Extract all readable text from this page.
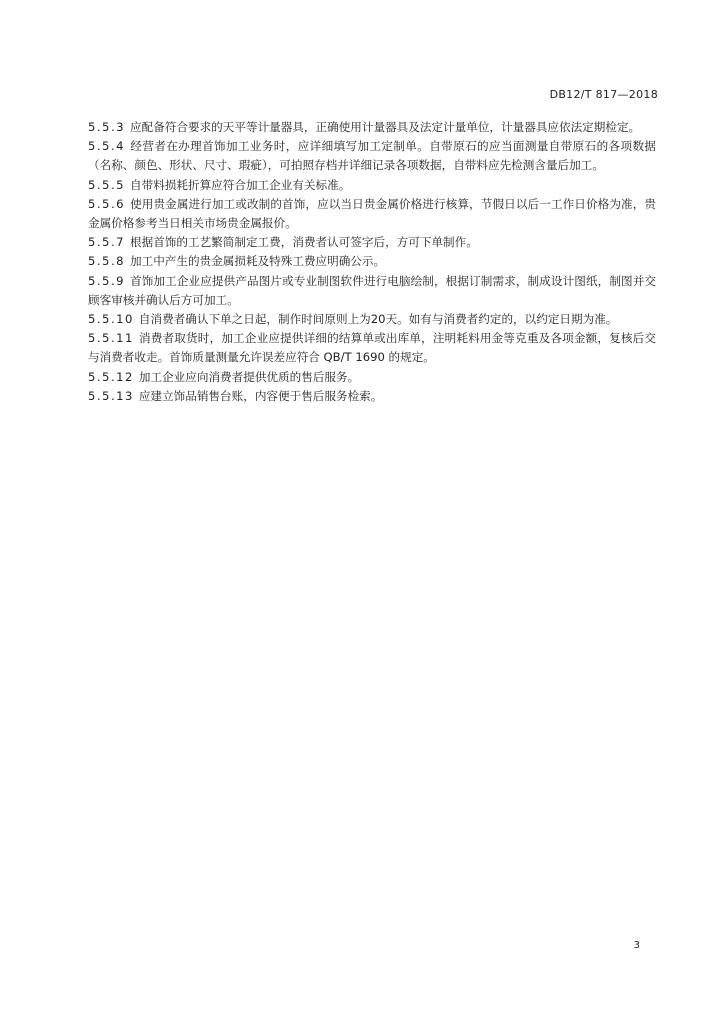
DB12/T 817—2018

5.5.3 应配备符合要求的天平等计量器具，正确使用计量器具及法定计量单位，计量器具应依法定期检定。

5.5.4 经营者在办理首饰加工业务时，应详细填写加工定制单。自带原石的应当面测量自带原石的各项数据（名称、颜色、形状、尺寸、瑕疵），可拍照存档并详细记录各项数据，自带料应先检测含量后加工。

5.5.5 自带料损耗折算应符合加工企业有关标准。

5.5.6 使用贵金属进行加工或改制的首饰，应以当日贵金属价格进行核算，节假日以后一工作日价格为准，贵金属价格参考当日相关市场贵金属报价。

5.5.7 根据首饰的工艺繁简制定工费，消费者认可签字后，方可下单制作。

5.5.8 加工中产生的贵金属损耗及特殊工费应明确公示。

5.5.9 首饰加工企业应提供产品图片或专业制图软件进行电脑绘制，根据订制需求，制成设计图纸，制图并交顾客审核并确认后方可加工。

5.5.10 自消费者确认下单之日起，制作时间原则上为20天。如有与消费者约定的，以约定日期为准。

5.5.11 消费者取货时，加工企业应提供详细的结算单或出库单，注明耗料用金等克重及各项金额，复核后交与消费者收走。首饰质量测量允许误差应符合 QB/T 1690 的规定。

5.5.12 加工企业应向消费者提供优质的售后服务。

5.5.13 应建立饰品销售台账，内容便于售后服务检索。

3
